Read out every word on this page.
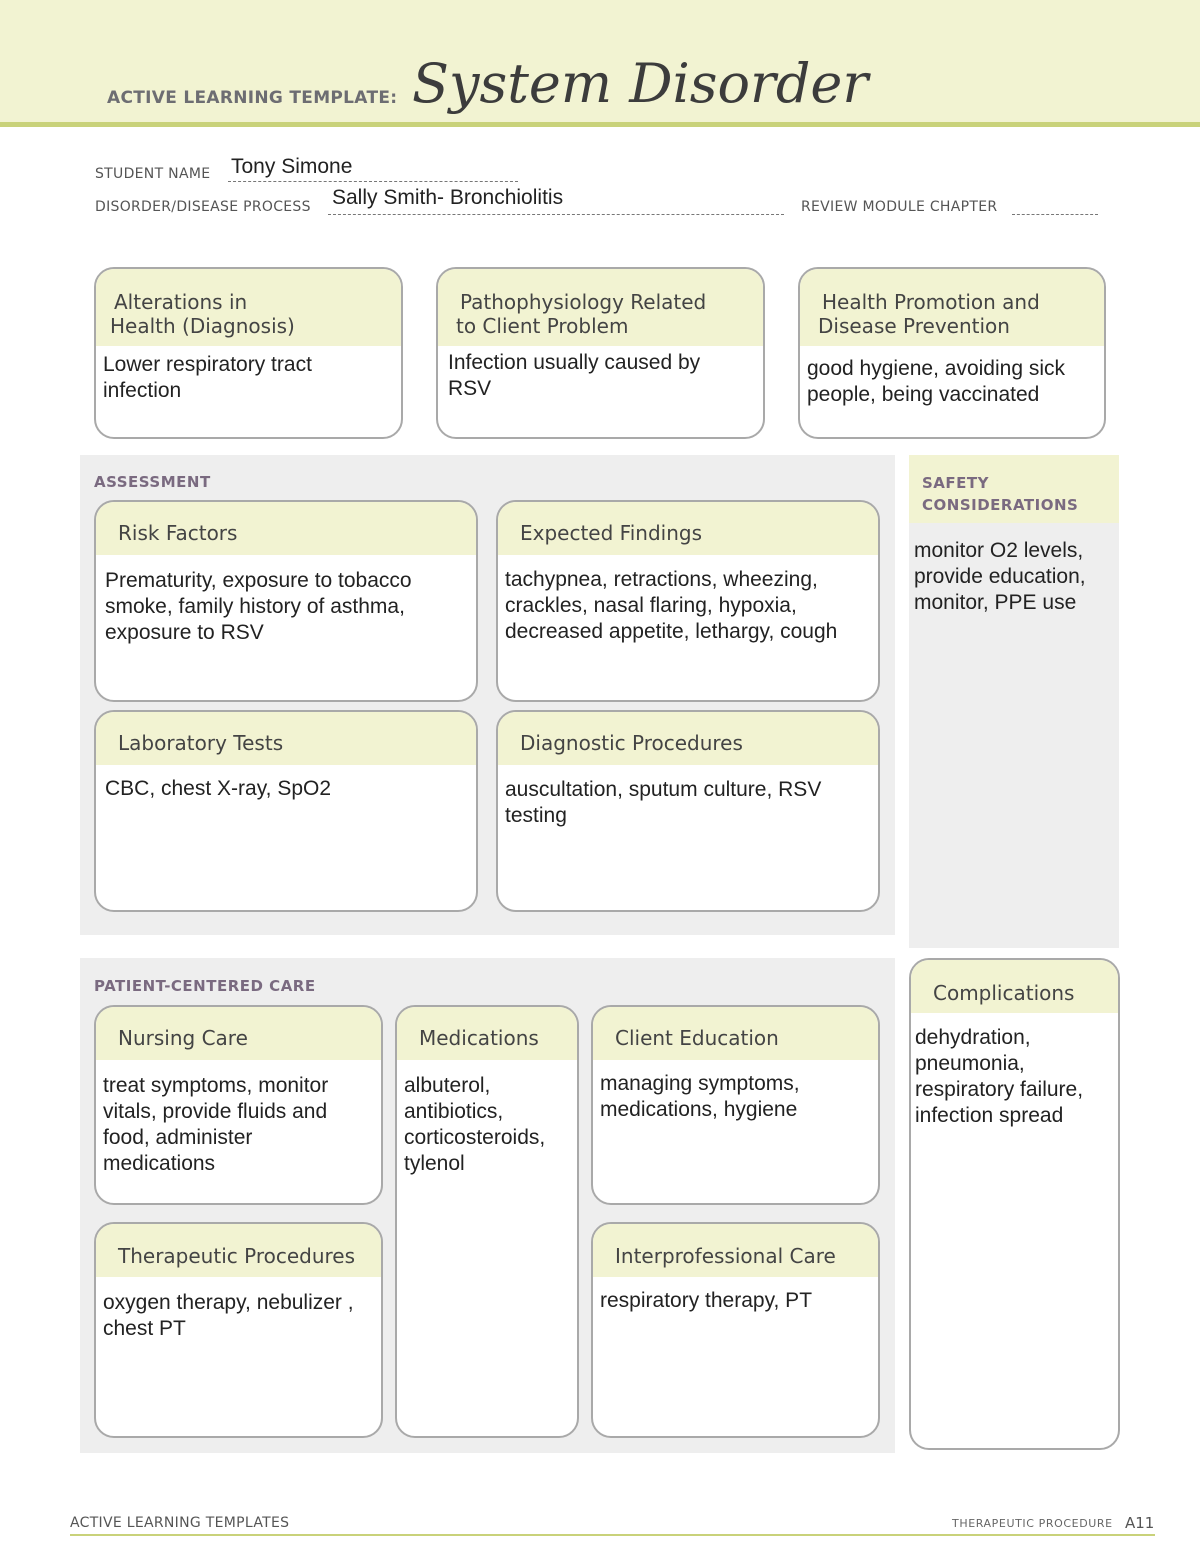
ACTIVE LEARNING TEMPLATE: System Disorder
STUDENT NAME Tony Simone
DISORDER/DISEASE PROCESS Sally Smith- Bronchiolitis	REVIEW MODULE CHAPTER
Alterations in
Health (Diagnosis)
Lower respiratory tract infection
Pathophysiology Related
to Client Problem
Infection usually caused by RSV
Health Promotion and
Disease Prevention
good hygiene, avoiding sick people, being vaccinated
ASSESSMENT
Risk Factors
Prematurity, exposure to tobacco smoke, family history of asthma, exposure to RSV
Expected Findings
tachypnea, retractions, wheezing, crackles, nasal flaring, hypoxia, decreased appetite, lethargy, cough
Laboratory Tests
CBC, chest X-ray, SpO2
Diagnostic Procedures
auscultation, sputum culture, RSV testing
SAFETY
CONSIDERATIONS
monitor O2 levels, provide education, monitor, PPE use
PATIENT-CENTERED CARE
Nursing Care
treat symptoms, monitor vitals, provide fluids and food, administer medications
Medications
albuterol, antibiotics, corticosteroids, tylenol
Client Education
managing symptoms, medications, hygiene
Therapeutic Procedures
oxygen therapy, nebulizer , chest PT
Interprofessional Care
respiratory therapy, PT
Complications
dehydration, pneumonia, respiratory failure, infection spread
ACTIVE LEARNING TEMPLATES	THERAPEUTIC PROCEDURE A11
